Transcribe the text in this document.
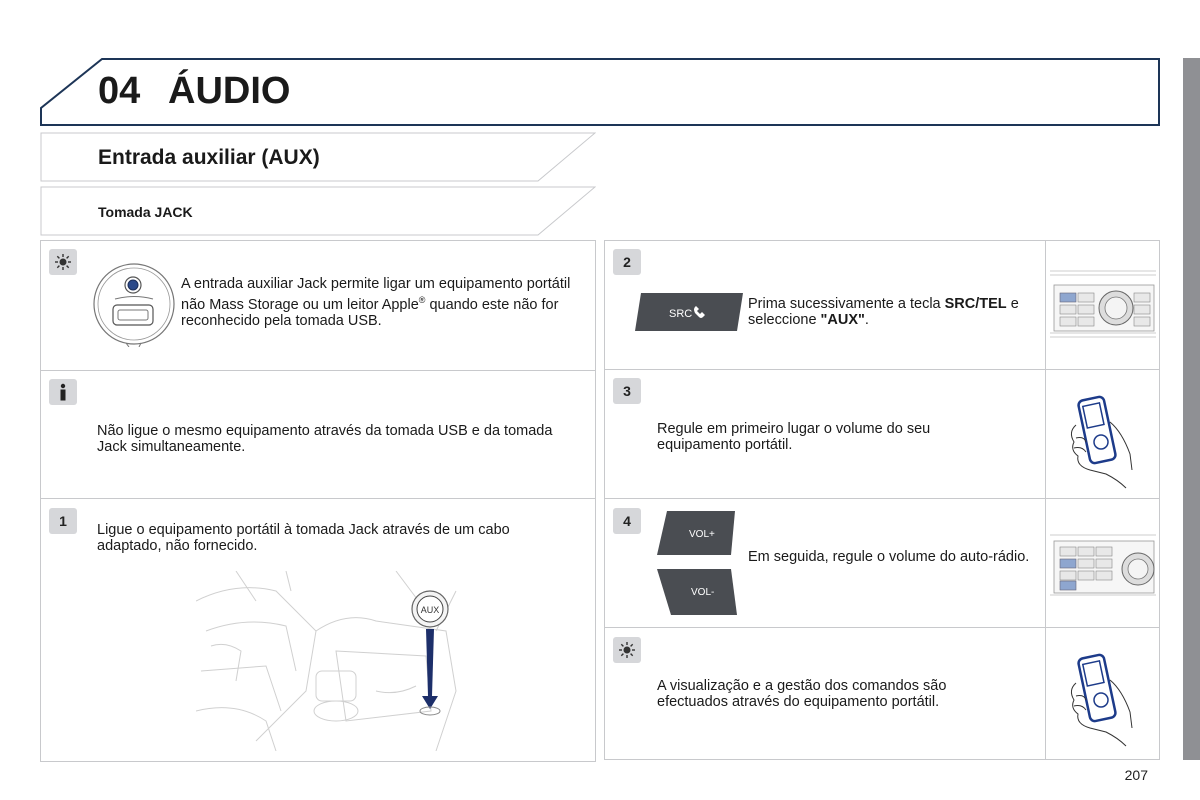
04 ÁUDIO
Entrada auxiliar (AUX)
Tomada JACK
A entrada auxiliar Jack permite ligar um equipamento portátil não Mass Storage ou um leitor Apple® quando este não for reconhecido pela tomada USB.
Não ligue o mesmo equipamento através da tomada USB e da tomada Jack simultaneamente.
1
Ligue o equipamento portátil à tomada Jack através de um cabo adaptado, não fornecido.
AUX
2
SRC
Prima sucessivamente a tecla SRC/TEL e seleccione "AUX".
3
Regule em primeiro lugar o volume do seu equipamento portátil.
4
VOL+
VOL-
Em seguida, regule o volume do auto-rádio.
A visualização e a gestão dos comandos são efectuados através do equipamento portátil.
207
